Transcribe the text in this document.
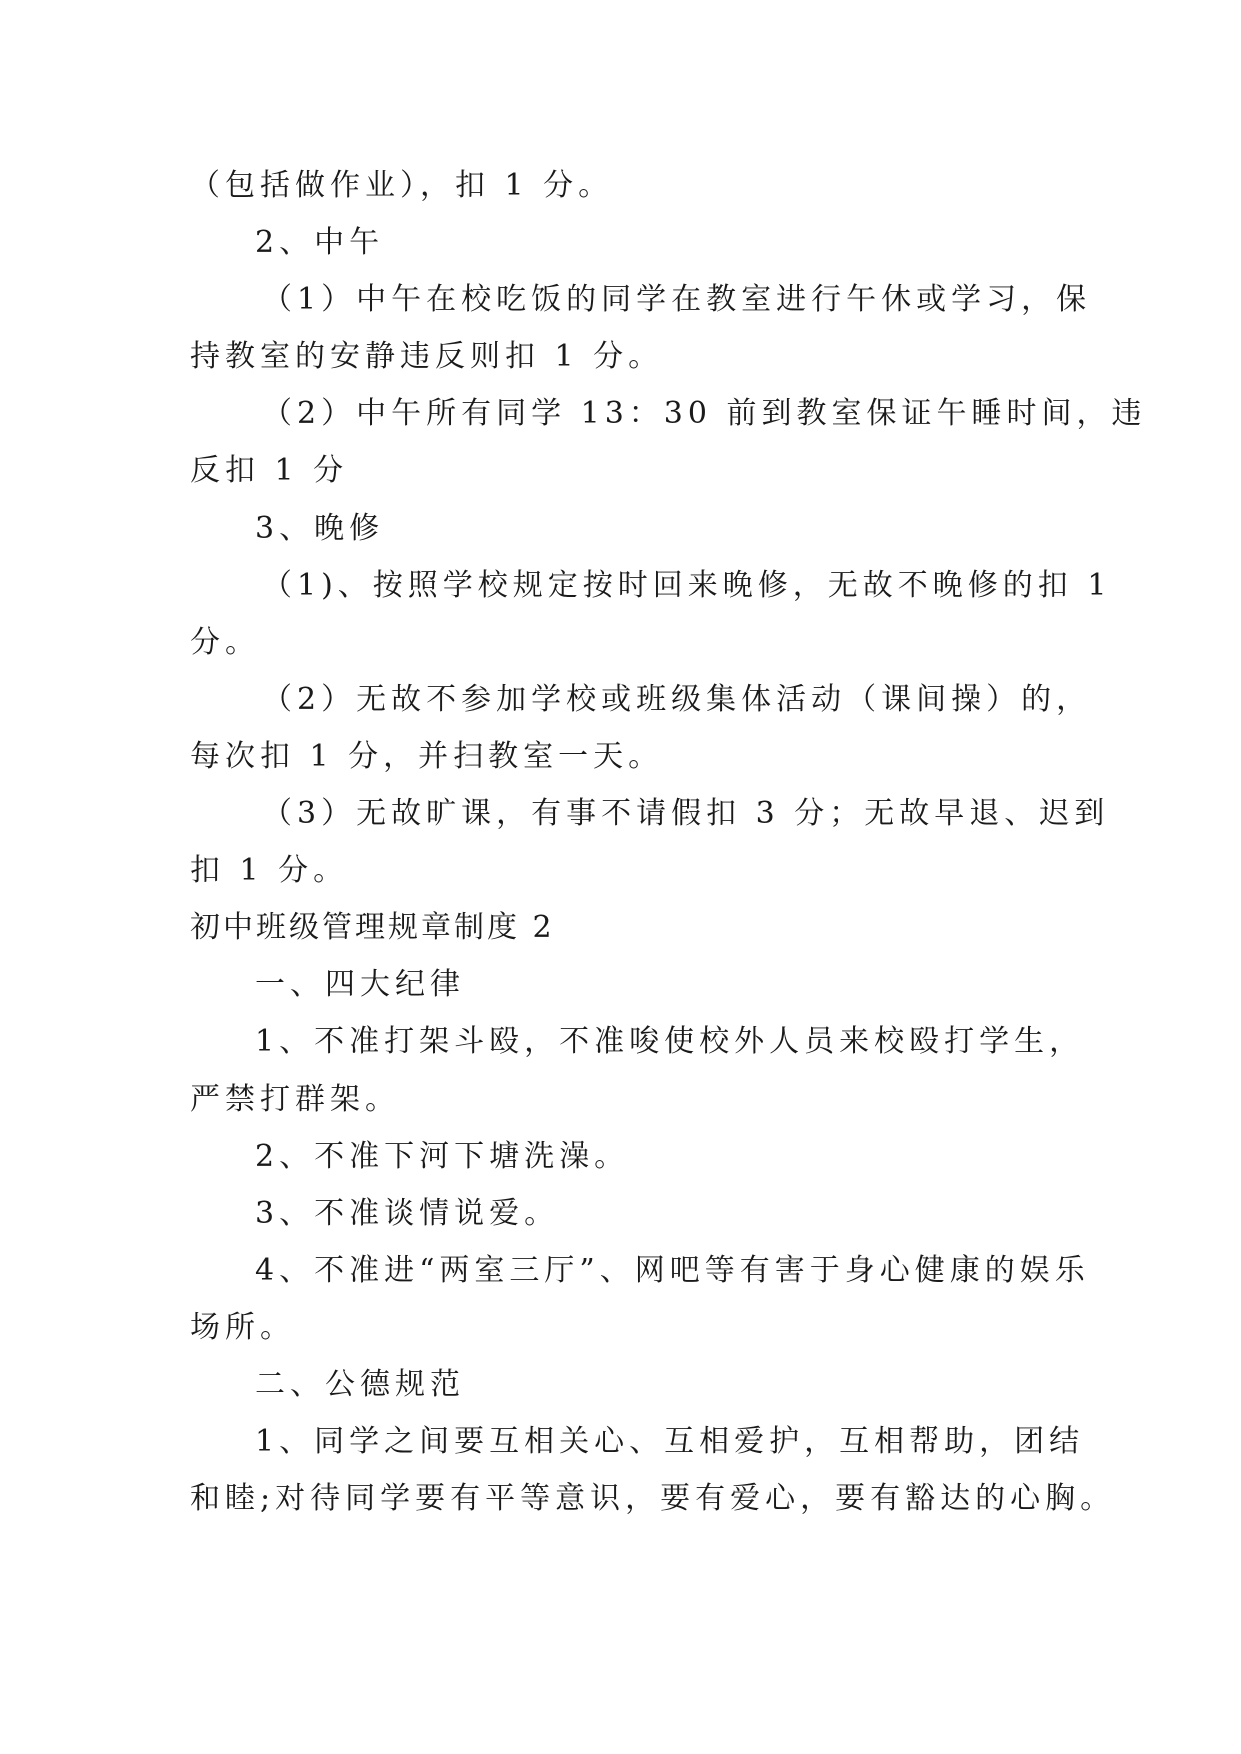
（包括做作业），扣 1 分。
2、中午
（1）中午在校吃饭的同学在教室进行午休或学习，保
持教室的安静违反则扣 1 分。
（2）中午所有同学 13：30 前到教室保证午睡时间，违
反扣 1 分
3、晚修
（1)、按照学校规定按时回来晚修，无故不晚修的扣 1
分。
（2）无故不参加学校或班级集体活动（课间操）的，
每次扣 1 分，并扫教室一天。
（3）无故旷课，有事不请假扣 3 分；无故早退、迟到
扣 1 分。
初中班级管理规章制度 2
一、四大纪律
1、不准打架斗殴，不准唆使校外人员来校殴打学生，
严禁打群架。
2、不准下河下塘洗澡。
3、不准谈情说爱。
4、不准进“两室三厅”、网吧等有害于身心健康的娱乐
场所。
二、公德规范
1、同学之间要互相关心、互相爱护，互相帮助，团结
和睦;对待同学要有平等意识，要有爱心，要有豁达的心胸。
